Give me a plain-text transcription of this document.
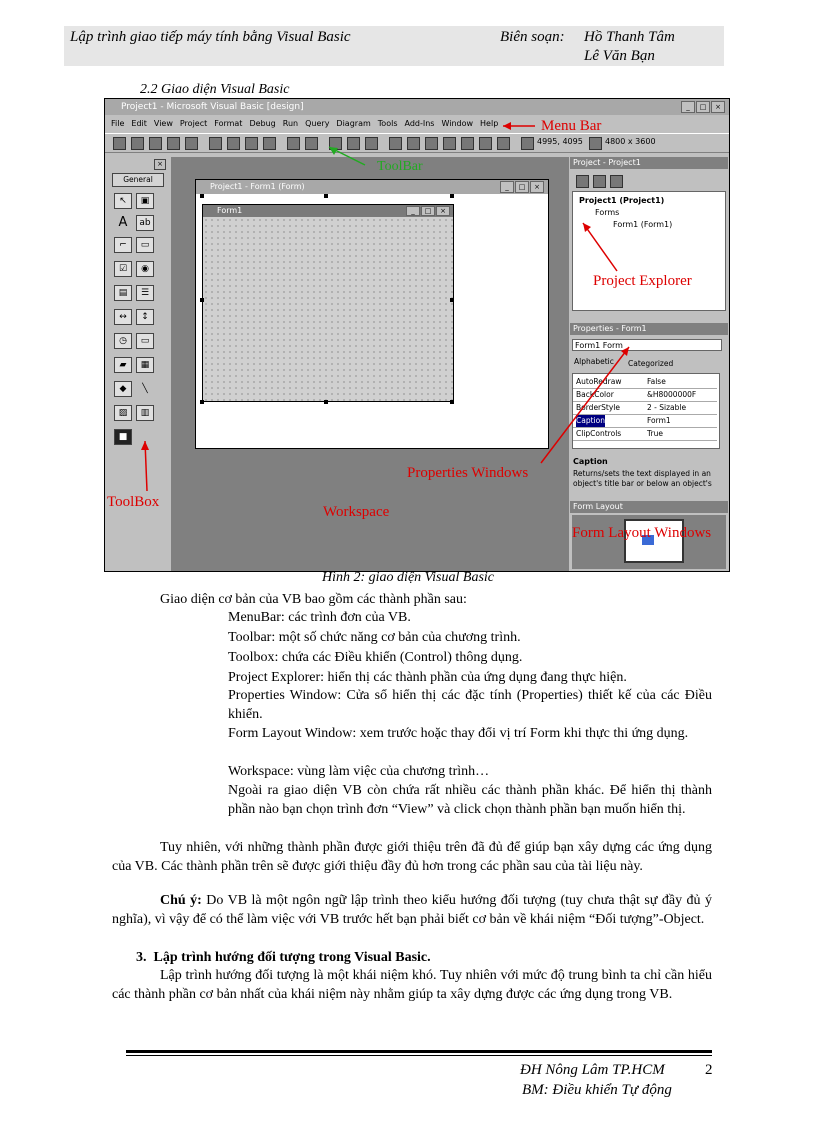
Lập trình giao tiếp máy tính bằng Visual Basic	Biên soạn: Hồ Thanh Tâm
Lê Văn Bạn
2.2 Giao diện Visual Basic
Project1 - Microsoft Visual Basic [design]	_	□	×
File Edit View Project Format Debug Run Query Diagram Tools Add-Ins Window Help
4995, 4095	4800 x 3600
×
General
↖	▣
A	ab
⌐	▭
☑	◉
▤	☰
↔	↕
◷	▭
▰	▦
◆	╲
▨	▥
■
Project1 - Form1 (Form)	_	□	×
Form1	_	□	×
Project - Project1
Project1 (Project1)
Forms
Form1 (Form1)
Properties - Form1
Form1 Form
Alphabetic Categorized
AutoRedraw	False
BackColor	&H8000000F
BorderStyle	2 - Sizable
Caption	Form1
ClipControls	True
Caption
Returns/sets the text displayed in an object's title bar or below an object's
Form Layout
Menu Bar
ToolBar
Project Explorer
Properties Windows
ToolBox
Workspace
Form Layout Windows
Hình 2: giao diện Visual Basic
Giao diện cơ bản của VB bao gồm các thành phần sau:
MenuBar: các trình đơn của VB.
Toolbar: một số chức năng cơ bản của chương trình.
Toolbox: chứa các Điều khiển (Control) thông dụng.
Project Explorer: hiển thị các thành phần của ứng dụng đang thực hiện.
Properties Window: Cửa sổ hiển thị các đặc tính (Properties) thiết kế của các Điều khiển.
Form Layout Window: xem trước hoặc thay đổi vị trí Form khi thực thi ứng dụng.
Workspace: vùng làm việc của chương trình…
Ngoài ra giao diện VB còn chứa rất nhiều các thành phần khác. Để hiển thị thành phần nào bạn chọn trình đơn “View” và click chọn thành phần bạn muốn hiển thị.
Tuy nhiên, với những thành phần được giới thiệu trên đã đủ để giúp bạn xây dựng các ứng dụng của VB. Các thành phần trên sẽ được giới thiệu đầy đủ hơn trong các phần sau của tài liệu này.
Chú ý: Do VB là một ngôn ngữ lập trình theo kiểu hướng đối tượng (tuy chưa thật sự đầy đủ ý nghĩa), vì vậy để có thể làm việc với VB trước hết bạn phải biết cơ bản về khái niệm “Đối tượng”-Object.
3. Lập trình hướng đối tượng trong Visual Basic.
Lập trình hướng đối tượng là một khái niệm khó. Tuy nhiên với mức độ trung bình ta chỉ cần hiểu các thành phần cơ bản nhất của khái niệm này nhằm giúp ta xây dựng được các ứng dụng trong VB.
ĐH Nông Lâm TP.HCM
BM: Điều khiển Tự động
2
